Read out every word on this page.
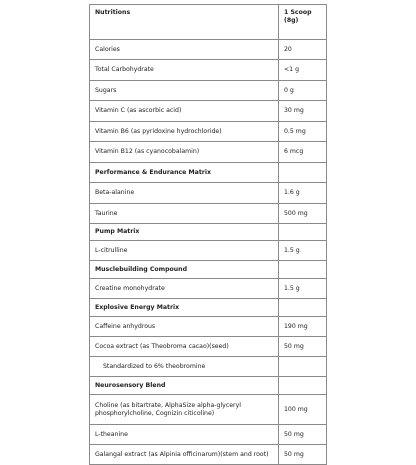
Nutritions	1 Scoop (8g)
Calories	20
Total Carbohydrate	<1 g
Sugars	0 g
Vitamin C (as ascorbic acid)	30 mg
Vitamin B6 (as pyridoxine hydrochloride)	0.5 mg
Vitamin B12 (as cyanocobalamin)	6 mcg
Performance & Endurance Matrix	
Beta-alanine	1.6 g
Taurine	500 mg
Pump Matrix	
L-citrulline	1.5 g
Musclebuilding Compound	
Creatine monohydrate	1.5 g
Explosive Energy Matrix	
Caffeine anhydrous	190 mg
Cocoa extract (as Theobroma cacao)(seed)	50 mg
Standardized to 6% theobromine	
Neurosensory Blend	
Choline (as bitartrate, AlphaSize alpha-glyceryl phosphorylcholine, Cognizin citicoline)	100 mg
L-theanine	50 mg
Galangal extract (as Alpinia officinarum)(stem and root)	50 mg
